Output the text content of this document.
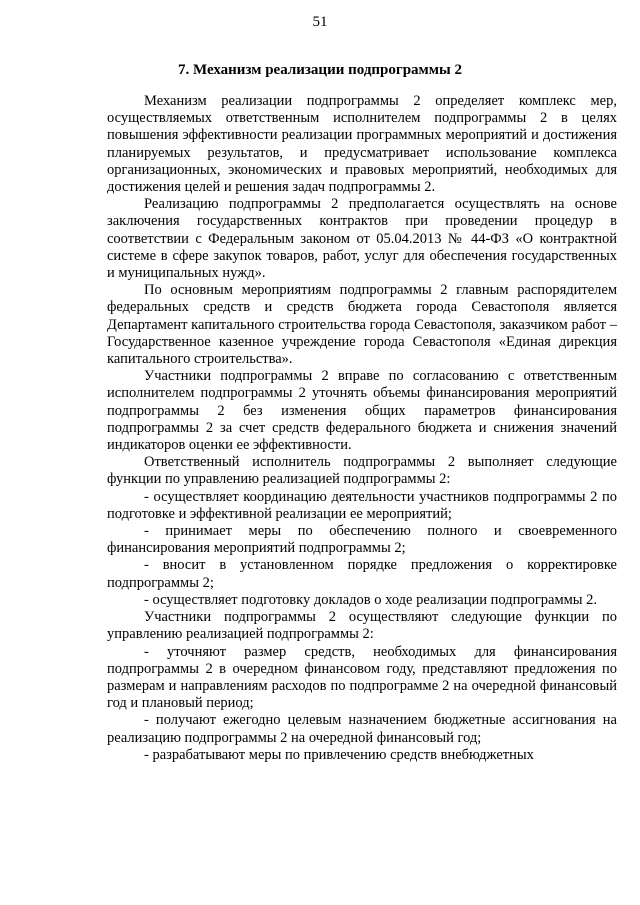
51
7. Механизм реализации подпрограммы 2

Механизм реализации подпрограммы 2 определяет комплекс мер, осуществляемых ответственным исполнителем подпрограммы 2 в целях повышения эффективности реализации программных мероприятий и достижения планируемых результатов, и предусматривает использование комплекса организационных, экономических и правовых мероприятий, необходимых для достижения целей и решения задач подпрограммы 2.

Реализацию подпрограммы 2 предполагается осуществлять на основе заключения государственных контрактов при проведении процедур в соответствии с Федеральным законом от 05.04.2013 № 44-ФЗ «О контрактной системе в сфере закупок товаров, работ, услуг для обеспечения государственных и муниципальных нужд».

По основным мероприятиям подпрограммы 2 главным распорядителем федеральных средств и средств бюджета города Севастополя является Департамент капитального строительства города Севастополя, заказчиком работ – Государственное казенное учреждение города Севастополя «Единая дирекция капитального строительства».

Участники подпрограммы 2 вправе по согласованию с ответственным исполнителем подпрограммы 2 уточнять объемы финансирования мероприятий подпрограммы 2 без изменения общих параметров финансирования подпрограммы 2 за счет средств федерального бюджета и снижения значений индикаторов оценки ее эффективности.

Ответственный исполнитель подпрограммы 2 выполняет следующие функции по управлению реализацией подпрограммы 2:

- осуществляет координацию деятельности участников подпрограммы 2 по подготовке и эффективной реализации ее мероприятий;

- принимает меры по обеспечению полного и своевременного финансирования мероприятий подпрограммы 2;

- вносит в установленном порядке предложения о корректировке подпрограммы 2;

- осуществляет подготовку докладов о ходе реализации подпрограммы 2.

Участники подпрограммы 2 осуществляют следующие функции по управлению реализацией подпрограммы 2:

- уточняют размер средств, необходимых для финансирования подпрограммы 2 в очередном финансовом году, представляют предложения по размерам и направлениям расходов по подпрограмме 2 на очередной финансовый год и плановый период;

- получают ежегодно целевым назначением бюджетные ассигнования на реализацию подпрограммы 2 на очередной финансовый год;

- разрабатывают меры по привлечению средств внебюджетных
